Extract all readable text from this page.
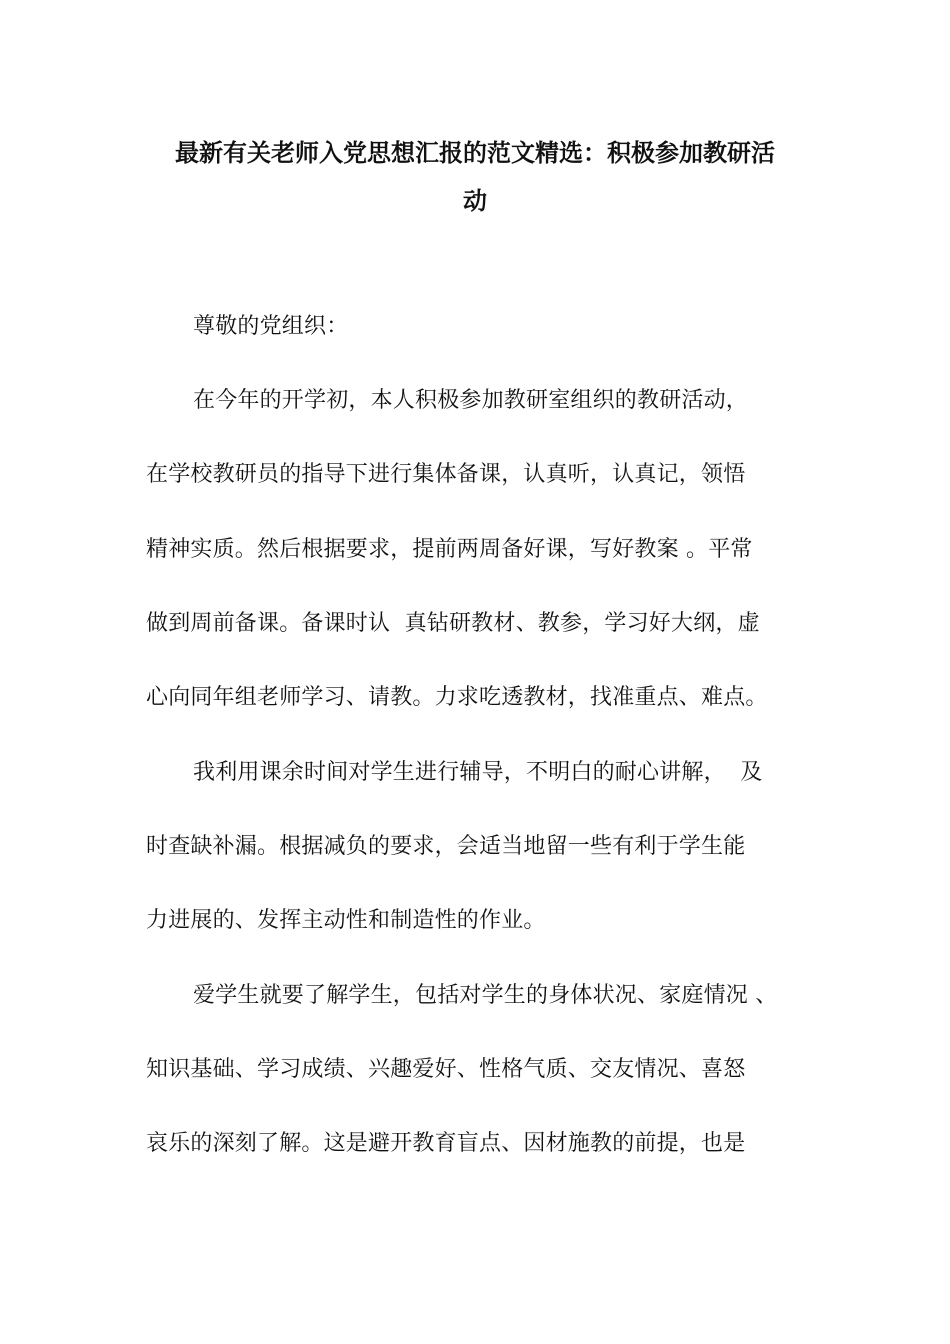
最新有关老师入党思想汇报的范文精选：积极参加教研活
动
尊敬的党组织：
在今年的开学初，本人积极参加教研室组织的教研活动，
在学校教研员的指导下进行集体备课，认真听，认真记，领悟
精神实质。然后根据要求，提前两周备好课，写好教案 。平常
做到周前备课。备课时认  真钻研教材、教参，学习好大纲，虚
心向同年组老师学习、请教。力求吃透教材，找准重点、难点。
我利用课余时间对学生进行辅导，不明白的耐心讲解，  及
时查缺补漏。根据减负的要求，会适当地留一些有利于学生能
力进展的、发挥主动性和制造性的作业。
爱学生就要了解学生，包括对学生的身体状况、家庭情况 、
知识基础、学习成绩、兴趣爱好、性格气质、交友情况、喜怒
哀乐的深刻了解。这是避开教育盲点、因材施教的前提，也是
